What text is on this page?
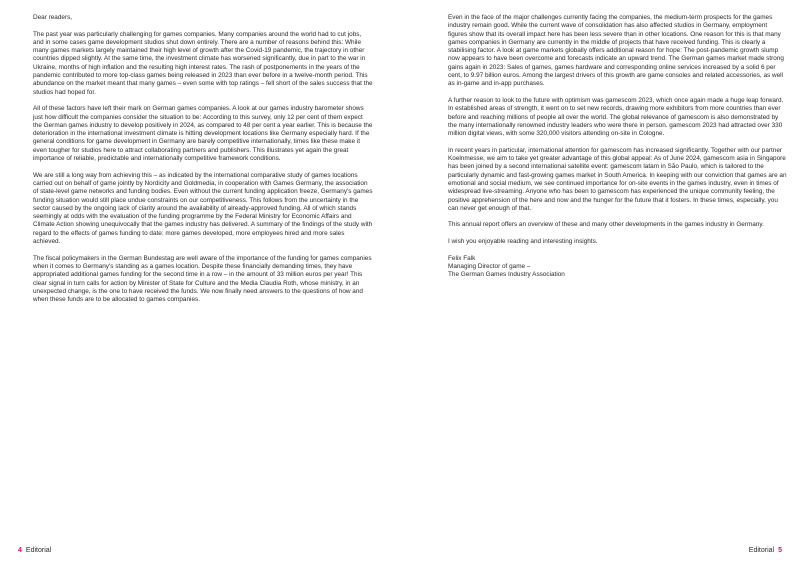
Dear readers,

The past year was particularly challenging for games companies. Many companies around the world had to cut jobs, and in some cases game development studios shut down entirely. There are a number of reasons behind this: While many games markets largely maintained their high level of growth after the Covid-19 pandemic, the trajectory in other countries dipped slightly. At the same time, the investment climate has worsened significantly, due in part to the war in Ukraine, months of high inflation and the resulting high interest rates. The rash of postponements in the years of the pandemic contributed to more top-class games being released in 2023 than ever before in a twelve-month period. This abundance on the market meant that many games – even some with top ratings – fell short of the sales success that the studios had hoped for.

All of these factors have left their mark on German games companies. A look at our games industry barometer shows just how difficult the companies consider the situation to be: According to this survey, only 12 per cent of them expect the German games industry to develop positively in 2024, as compared to 48 per cent a year earlier. This is because the deterioration in the international investment climate is hitting development locations like Germany especially hard. If the general conditions for game development in Germany are barely competitive internationally, times like these make it even tougher for studios here to attract collaborating partners and publishers. This illustrates yet again the great importance of reliable, predictable and internationally competitive framework conditions.

We are still a long way from achieving this – as indicated by the international comparative study of games locations carried out on behalf of game jointly by Nordicity and Goldmedia, in cooperation with Games Germany, the association of state-level game networks and funding bodies. Even without the current funding application freeze, Germany's games funding situation would still place undue constraints on our competitiveness. This follows from the uncertainty in the sector caused by the ongoing lack of clarity around the availability of already-approved funding. All of which stands seemingly at odds with the evaluation of the funding programme by the Federal Ministry for Economic Affairs and Climate Action showing unequivocally that the games industry has delivered. A summary of the findings of the study with regard to the effects of games funding to date: more games developed, more employees hired and more sales achieved.

The fiscal policymakers in the German Bundestag are well aware of the importance of the funding for games companies when it comes to Germany's standing as a games location. Despite these financially demanding times, they have appropriated additional games funding for the second time in a row – in the amount of 33 million euros per year! This clear signal in turn calls for action by Minister of State for Culture and the Media Claudia Roth, whose ministry, in an unexpected change, is the one to have received the funds. We now finally need answers to the questions of how and when these funds are to be allocated to games companies.

Even in the face of the major challenges currently facing the companies, the medium-term prospects for the games industry remain good. While the current wave of consolidation has also affected studios in Germany, employment figures show that its overall impact here has been less severe than in other locations. One reason for this is that many games companies in Germany are currently in the middle of projects that have received funding. This is clearly a stabilising factor. A look at game markets globally offers additional reason for hope: The post-pandemic growth slump now appears to have been overcome and forecasts indicate an upward trend. The German games market made strong gains again in 2023: Sales of games, games hardware and corresponding online services increased by a solid 6 per cent, to 9.97 billion euros. Among the largest drivers of this growth are game consoles and related accessories, as well as in-game and in-app purchases.

A further reason to look to the future with optimism was gamescom 2023, which once again made a huge leap forward. In established areas of strength, it went on to set new records, drawing more exhibitors from more countries than ever before and reaching millions of people all over the world. The global relevance of gamescom is also demonstrated by the many internationally renowned industry leaders who were there in person. gamescom 2023 had attracted over 330 million digital views, with some 320,000 visitors attending on-site in Cologne.

In recent years in particular, international attention for gamescom has increased significantly. Together with our partner Koelnmesse, we aim to take yet greater advantage of this global appeal: As of June 2024, gamescom asia in Singapore has been joined by a second international satellite event: gamescom latam in São Paulo, which is tailored to the particularly dynamic and fast-growing games market in South America. In keeping with our conviction that games are an emotional and social medium, we see continued importance for on-site events in the games industry, even in times of widespread live-streaming. Anyone who has been to gamescom has experienced the unique community feeling, the positive apprehension of the here and now and the hunger for the future that it fosters. In these times, especially, you can never get enough of that.

This annual report offers an overview of these and many other developments in the games industry in Germany.

I wish you enjoyable reading and interesting insights.

Felix Falk
Managing Director of game –
The German Games Industry Association

4 Editorial	Editorial 5
